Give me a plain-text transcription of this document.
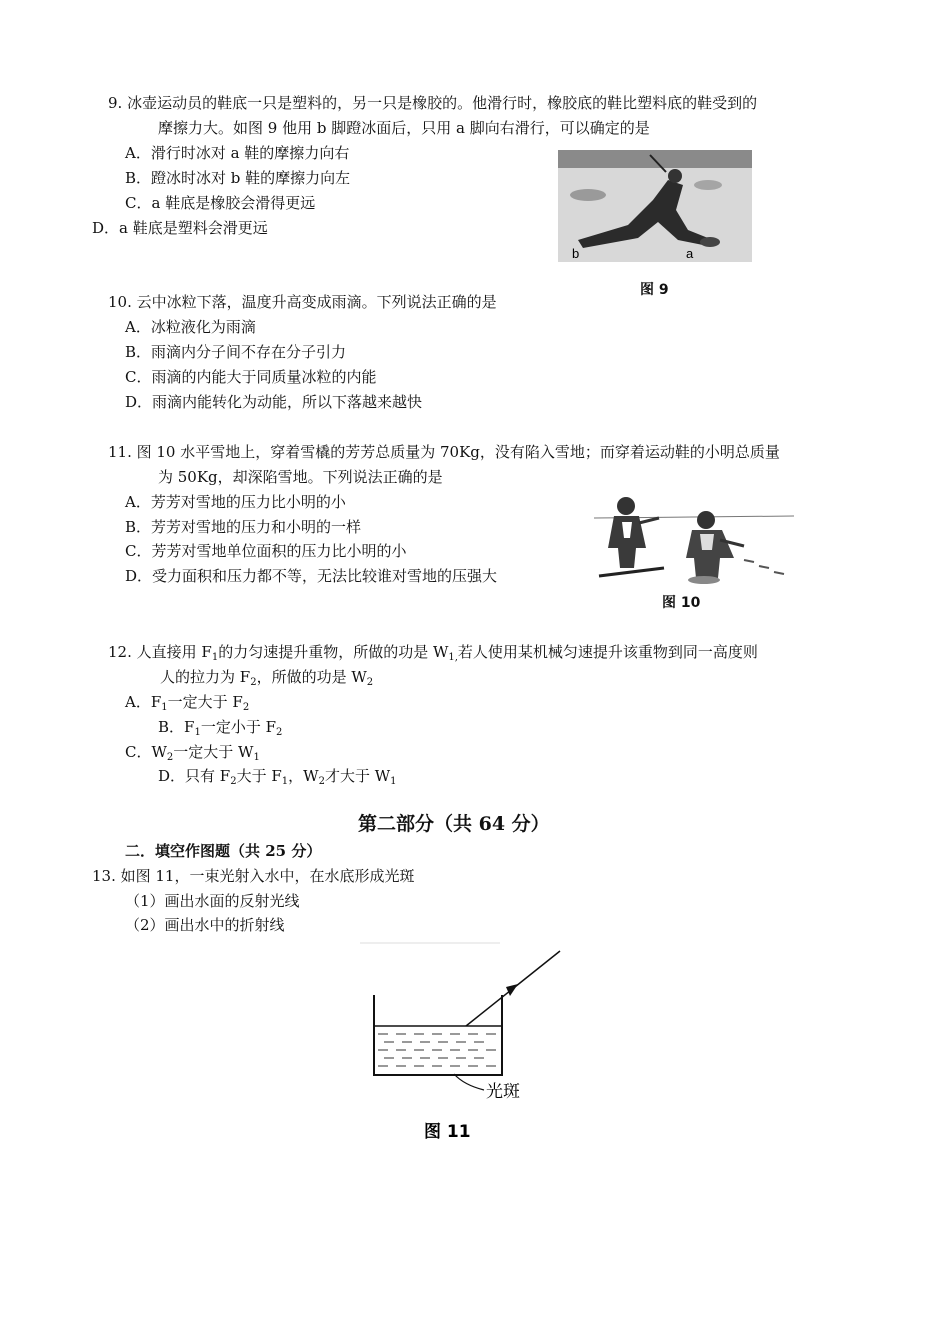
9. 冰壶运动员的鞋底一只是塑料的，另一只是橡胶的。他滑行时，橡胶底的鞋比塑料底的鞋受到的
摩擦力大。如图 9 他用 b 脚蹬冰面后，只用 a 脚向右滑行，可以确定的是
A．滑行时冰对 a 鞋的摩擦力向右
B．蹬冰时冰对 b 鞋的摩擦力向左
C．a 鞋底是橡胶会滑得更远
D．a 鞋底是塑料会滑更远
b	a
图 9
10. 云中冰粒下落，温度升高变成雨滴。下列说法正确的是
A．冰粒液化为雨滴
B．雨滴内分子间不存在分子引力
C．雨滴的内能大于同质量冰粒的内能
D．雨滴内能转化为动能，所以下落越来越快
11. 图 10 水平雪地上，穿着雪橇的芳芳总质量为 70Kg，没有陷入雪地；而穿着运动鞋的小明总质量
为 50Kg，却深陷雪地。下列说法正确的是
A．芳芳对雪地的压力比小明的小
B．芳芳对雪地的压力和小明的一样
C．芳芳对雪地单位面积的压力比小明的小
D．受力面积和压力都不等，无法比较谁对雪地的压强大
图 10
12. 人直接用 $F_1$的力匀速提升重物，所做的功是 $W_{1,}$若人使用某机械匀速提升该重物到同一高度则
人的拉力为 $F_2$，所做的功是 $W_2$
A．$F_1$一定大于 $F_2$
B．$F_1$一定小于 $F_2$
C．$W_2$一定大于 $W_1$
D．只有 $F_2$大于 $F_1$，$W_2$才大于 $W_1$
第二部分（共 64 分）
二．填空作图题（共 25 分）
13. 如图 11，一束光射入水中，在水底形成光斑
（1）画出水面的反射光线
（2）画出水中的折射线
光斑
图 11
